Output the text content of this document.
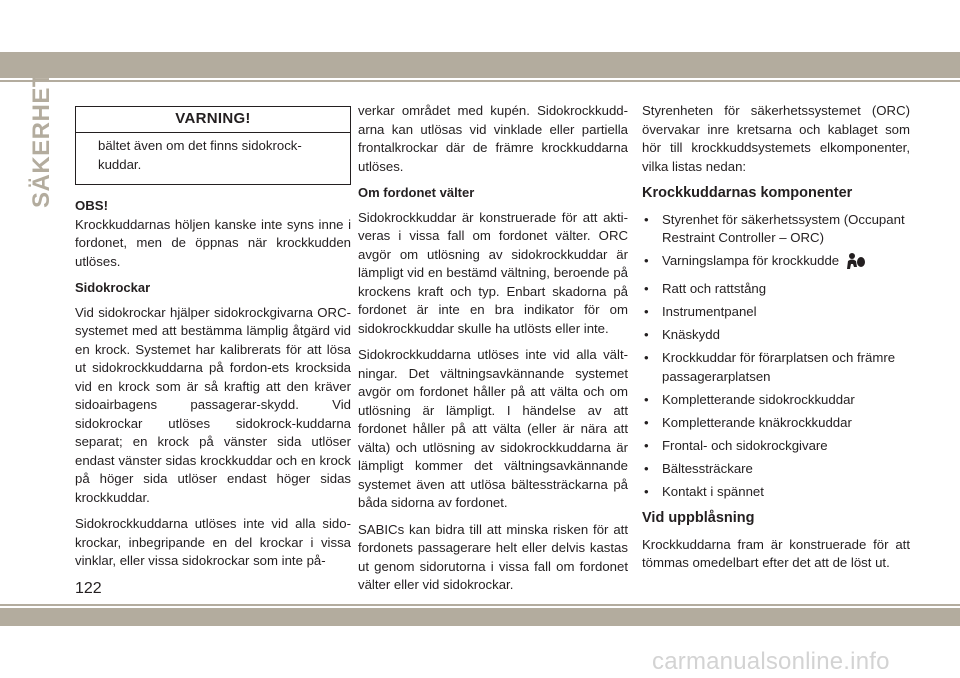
SÄKERHET	VARNING!
bältet även om det finns sidokrock-kuddar.

OBS!

Krockkuddarnas höljen kanske inte syns inne i fordonet, men de öppnas när krockkudden utlöses.

Sidokrockar

Vid sidokrockar hjälper sidokrockgivarna ORC-systemet med att bestämma lämplig åtgärd vid en krock. Systemet har kalibrerats för att lösa ut sidokrockkuddarna på fordon-ets krocksida vid en krock som är så kraftig att den kräver sidoairbagens passagerar-skydd. Vid sidokrockar utlöses sidokrock-kuddarna separat; en krock på vänster sida utlöser endast vänster sidas krockkuddar och en krock på höger sida utlöser endast höger sidas krockkuddar.

Sidokrockkuddarna utlöses inte vid alla sido-krockar, inbegripande en del krockar i vissa vinklar, eller vissa sidokrockar som inte på-

verkar området med kupén. Sidokrockkudd-arna kan utlösas vid vinklade eller partiella frontalkrockar där de främre krockkuddarna utlöses.

Om fordonet välter

Sidokrockkuddar är konstruerade för att akti-veras i vissa fall om fordonet välter. ORC avgör om utlösning av sidokrockkuddar är lämpligt vid en bestämd vältning, beroende på krockens kraft och typ. Enbart skadorna på fordonet är inte en bra indikator för om sidokrockkuddar skulle ha utlösts eller inte.

Sidokrockkuddarna utlöses inte vid alla vält-ningar. Det vältningsavkännande systemet avgör om fordonet håller på att välta och om utlösning är lämpligt. I händelse av att fordonet håller på att välta (eller är nära att välta) och utlösning av sidokrockkuddarna är lämpligt kommer det vältningsavkännande systemet även att utlösa bältessträckarna på båda sidorna av fordonet.

SABICs kan bidra till att minska risken för att fordonets passagerare helt eller delvis kastas ut genom sidorutorna i vissa fall om fordonet välter eller vid sidokrockar.

Styrenheten för säkerhetssystemet (ORC) övervakar inre kretsarna och kablaget som hör till krockkuddsystemets elkomponenter, vilka listas nedan:

Krockkuddarnas komponenter

• Styrenhet för säkerhetssystem (Occupant Restraint Controller – ORC)
• Varningslampa för krockkudde
• Ratt och rattstång
• Instrumentpanel
• Knäskydd
• Krockkuddar för förarplatsen och främre passagerarplatsen
• Kompletterande sidokrockkuddar
• Kompletterande knäkrockkuddar
• Frontal- och sidokrockgivare
• Bältessträckare
• Kontakt i spännet

Vid uppblåsning

Krockkuddarna fram är konstruerade för att tömmas omedelbart efter det att de löst ut.

122
carmanualsonline.info
